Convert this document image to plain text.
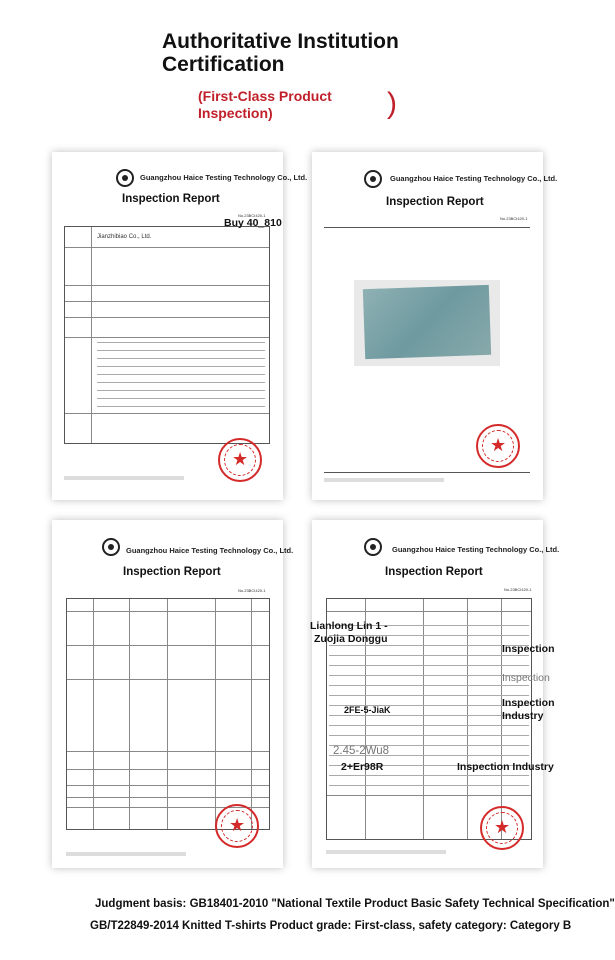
Authoritative Institution
Certification
(First-Class Product
Inspection)	)
Guangzhou Haice Testing Technology Co., Ltd.
Inspection Report
No.23BCI420-1
Jianzhibiao Co., Ltd.
★
Buy 40_810
Guangzhou Haice Testing Technology Co., Ltd.
Inspection Report
No.23BCI420-1
★
Guangzhou Haice Testing Technology Co., Ltd.
Inspection Report
No.23BCI420-1
★
Guangzhou Haice Testing Technology Co., Ltd.
Inspection Report
No.23BCI420-1
★
Lianlong Lin 1 -
Zuojia Donggu
Inspection
Inspection
Inspection
2FE-5-JiaK	Industry
2.45-2Wu8
2+Er98R	Inspection Industry
Judgment basis: GB18401-2010 "National Textile Product Basic Safety Technical Specification"
GB/T22849-2014 Knitted T-shirts Product grade: First-class, safety category: Category B
